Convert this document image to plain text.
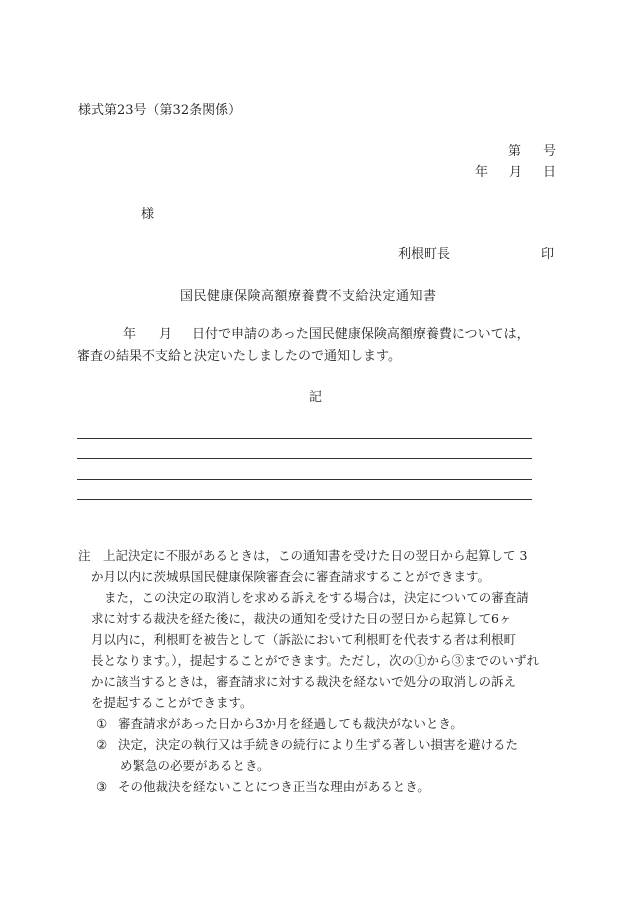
様式第23号（第32条関係）
第 号
年 月 日
様
利根町長	印
国民健康保険高額療養費不支給決定通知書
年 月 日付で申請のあった国民健康保険高額療養費については，
審査の結果不支給と決定いたしましたので通知します。
記
注　上記決定に不服があるときは，この通知書を受けた日の翌日から起算して 3
か月以内に茨城県国民健康保険審査会に審査請求することができます。
また，この決定の取消しを求める訴えをする場合は，決定についての審査請
求に対する裁決を経た後に，裁決の通知を受けた日の翌日から起算して6ヶ
月以内に，利根町を被告として（訴訟において利根町を代表する者は利根町
長となります。），提起することができます。ただし，次の①から③までのいずれ
かに該当するときは，審査請求に対する裁決を経ないで処分の取消しの訴え
を提起することができます。
① 審査請求があった日から3か月を経過しても裁決がないとき。
② 決定，決定の執行又は手続きの続行により生ずる著しい損害を避けるた
め緊急の必要があるとき。
③ その他裁決を経ないことにつき正当な理由があるとき。
